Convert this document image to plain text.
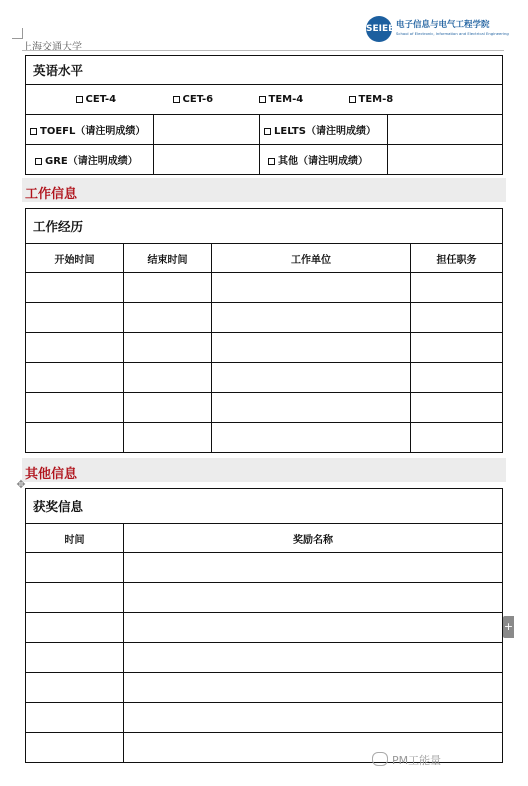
上海交通大学
SEIEE 电子信息与电气工程学院
School of Electronic, Information and Electrical Engineering
英语水平			

CET-4 CET-6 TEM-4 TEM-8			

TOEFL（请注明成绩）		LELTS（请注明成绩）	
GRE（请注明成绩）		其他（请注明成绩）	
工作信息
工作经历			
开始时间	结束时间	工作单位	担任职务

其他信息
✥
获奖信息	
时间	奖励名称

+
PM工能量
